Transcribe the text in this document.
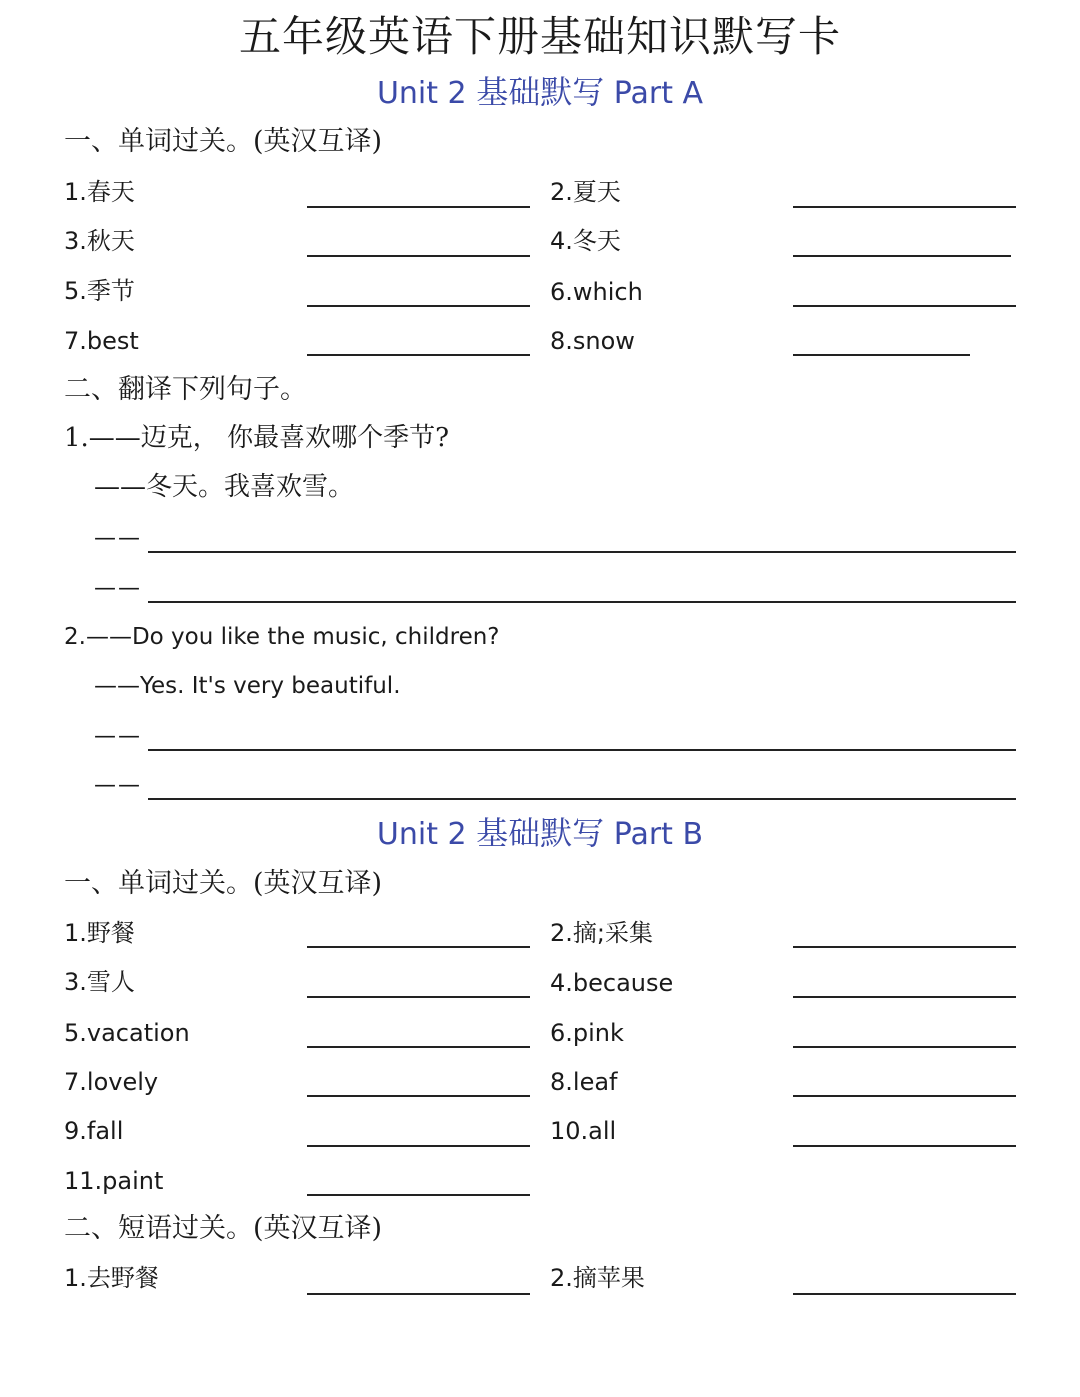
五年级英语下册基础知识默写卡
Unit 2 基础默写 Part A
一、单词过关。(英汉互译)
1.春天	2.夏天
3.秋天	4.冬天
5.季节	6.which
7.best	8.snow
二、翻译下列句子。
1.——迈克， 你最喜欢哪个季节?
——冬天。我喜欢雪。
——
——
2.——Do you like the music, children?
——Yes. It's very beautiful.
——
——
Unit 2 基础默写 Part B
一、单词过关。(英汉互译)
1.野餐	2.摘;采集
3.雪人	4.because
5.vacation	6.pink
7.lovely	8.leaf
9.fall	10.all
11.paint
二、短语过关。(英汉互译)
1.去野餐	2.摘苹果
